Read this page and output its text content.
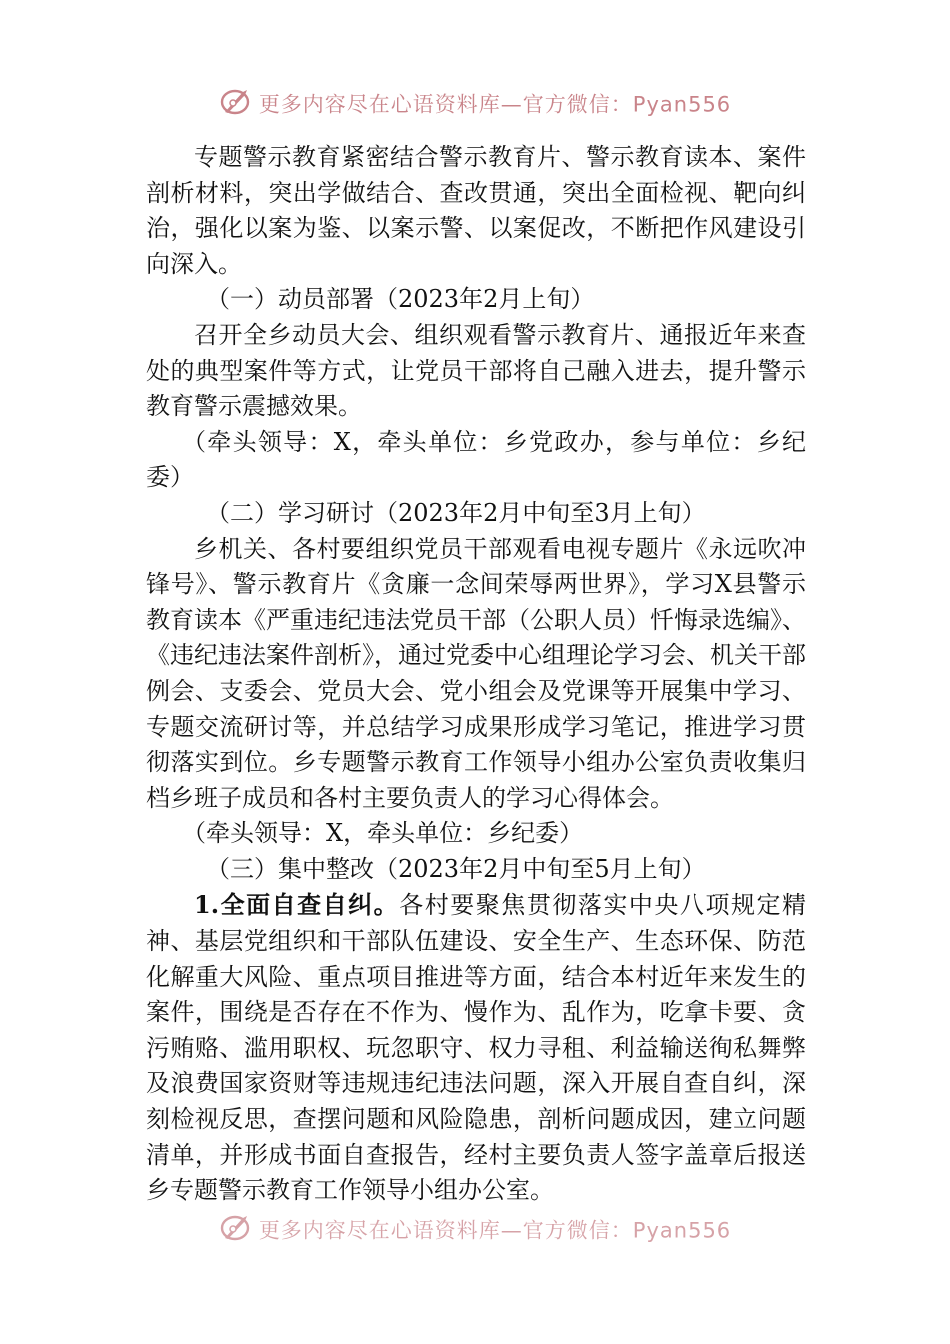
更多内容尽在心语资料库—官方微信：Pyan556

专题警示教育紧密结合警示教育片、警示教育读本、案件剖析材料，突出学做结合、查改贯通，突出全面检视、靶向纠治，强化以案为鉴、以案示警、以案促改，不断把作风建设引向深入。

（一）动员部署（2023年2月上旬）

召开全乡动员大会、组织观看警示教育片、通报近年来查处的典型案件等方式，让党员干部将自己融入进去，提升警示教育警示震撼效果。

（牵头领导：X，牵头单位：乡党政办，参与单位：乡纪委）

（二）学习研讨（2023年2月中旬至3月上旬）

乡机关、各村要组织党员干部观看电视专题片《永远吹冲锋号》、警示教育片《贪廉一念间荣辱两世界》，学习X县警示教育读本《严重违纪违法党员干部（公职人员）忏悔录选编》、《违纪违法案件剖析》，通过党委中心组理论学习会、机关干部例会、支委会、党员大会、党小组会及党课等开展集中学习、专题交流研讨等，并总结学习成果形成学习笔记，推进学习贯彻落实到位。乡专题警示教育工作领导小组办公室负责收集归档乡班子成员和各村主要负责人的学习心得体会。

（牵头领导：X，牵头单位：乡纪委）

（三）集中整改（2023年2月中旬至5月上旬）

1.全面自查自纠。各村要聚焦贯彻落实中央八项规定精神、基层党组织和干部队伍建设、安全生产、生态环保、防范化解重大风险、重点项目推进等方面，结合本村近年来发生的案件，围绕是否存在不作为、慢作为、乱作为，吃拿卡要、贪污贿赂、滥用职权、玩忽职守、权力寻租、利益输送徇私舞弊及浪费国家资财等违规违纪违法问题，深入开展自查自纠，深刻检视反思，查摆问题和风险隐患，剖析问题成因，建立问题清单，并形成书面自查报告，经村主要负责人签字盖章后报送乡专题警示教育工作领导小组办公室。

更多内容尽在心语资料库—官方微信：Pyan556
